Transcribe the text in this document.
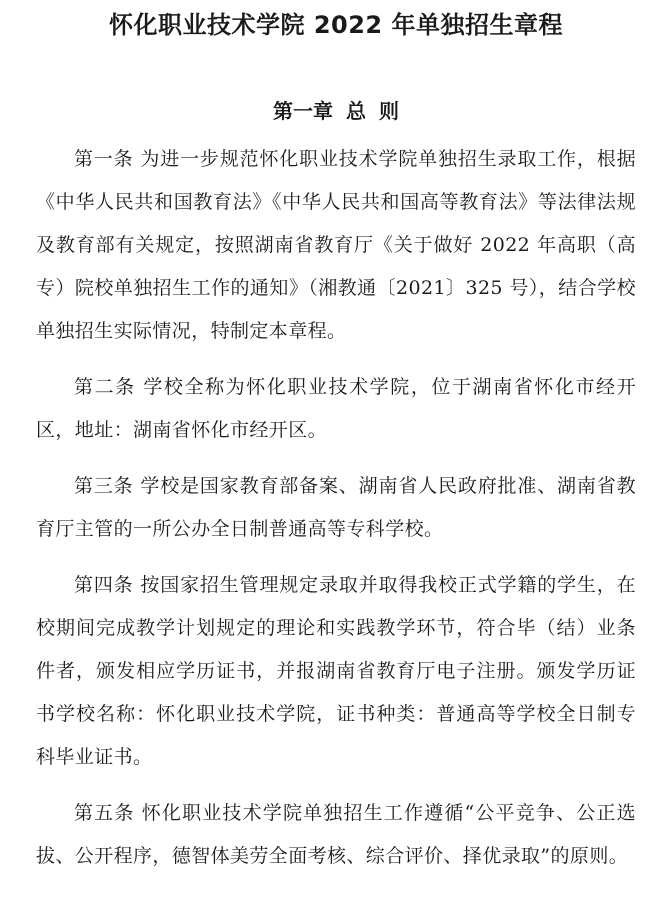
怀化职业技术学院 2022 年单独招生章程
第一章 总 则

第一条 为进一步规范怀化职业技术学院单独招生录取工作，根据《中华人民共和国教育法》《中华人民共和国高等教育法》等法律法规及教育部有关规定，按照湖南省教育厅《关于做好 2022 年高职（高专）院校单独招生工作的通知》（湘教通〔2021〕325 号），结合学校单独招生实际情况，特制定本章程。

第二条 学校全称为怀化职业技术学院，位于湖南省怀化市经开区，地址：湖南省怀化市经开区。

第三条 学校是国家教育部备案、湖南省人民政府批准、湖南省教育厅主管的一所公办全日制普通高等专科学校。

第四条 按国家招生管理规定录取并取得我校正式学籍的学生，在校期间完成教学计划规定的理论和实践教学环节，符合毕（结）业条件者，颁发相应学历证书，并报湖南省教育厅电子注册。颁发学历证书学校名称：怀化职业技术学院，证书种类：普通高等学校全日制专科毕业证书。

第五条 怀化职业技术学院单独招生工作遵循“公平竞争、公正选拔、公开程序，德智体美劳全面考核、综合评价、择优录取”的原则。
